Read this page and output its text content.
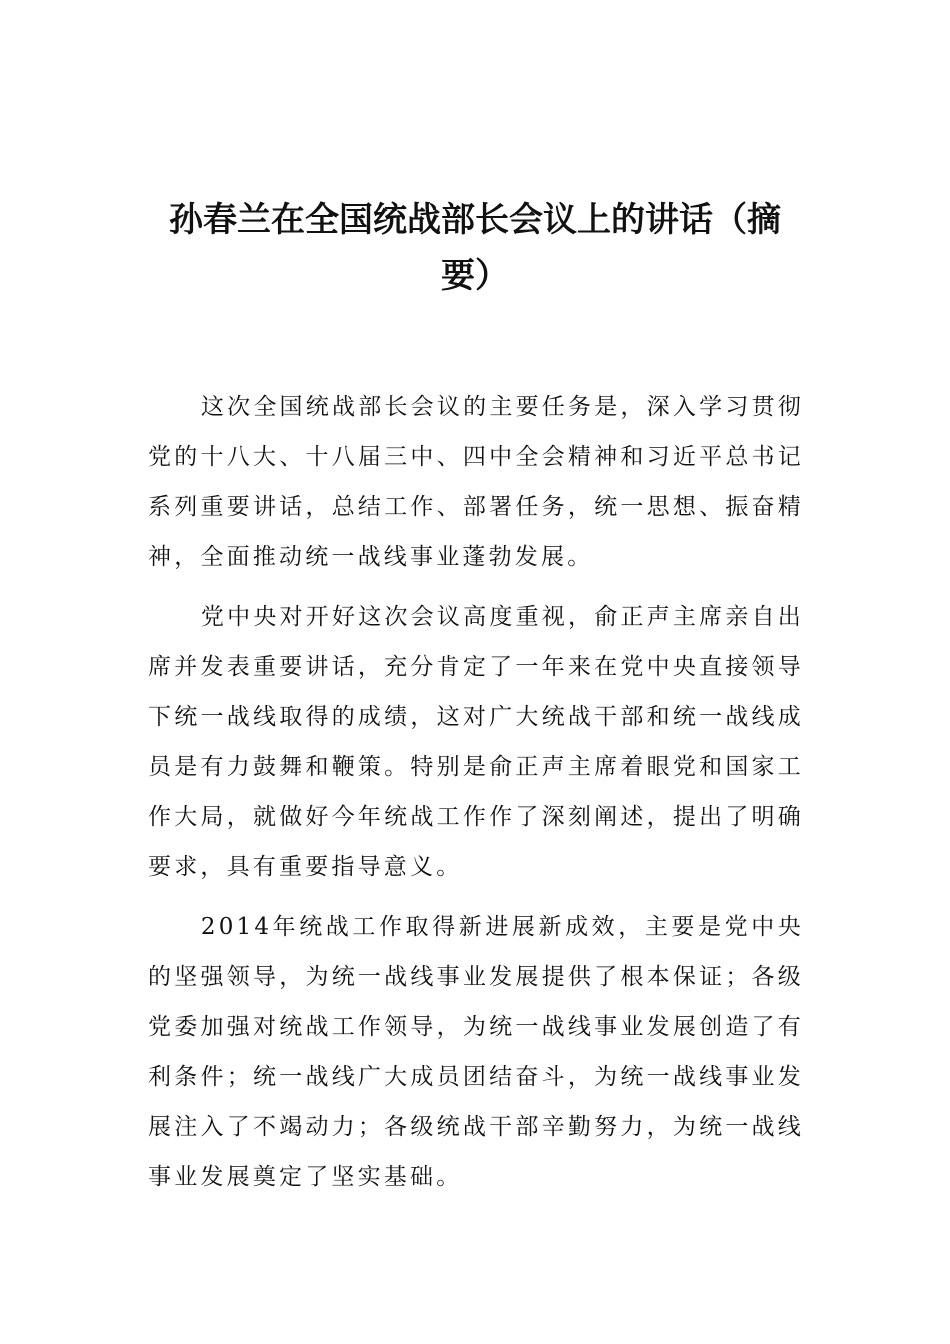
孙春兰在全国统战部长会议上的讲话（摘要）

这次全国统战部长会议的主要任务是，深入学习贯彻党的十八大、十八届三中、四中全会精神和习近平总书记系列重要讲话，总结工作、部署任务，统一思想、振奋精神，全面推动统一战线事业蓬勃发展。

党中央对开好这次会议高度重视，俞正声主席亲自出席并发表重要讲话，充分肯定了一年来在党中央直接领导下统一战线取得的成绩，这对广大统战干部和统一战线成员是有力鼓舞和鞭策。特别是俞正声主席着眼党和国家工作大局，就做好今年统战工作作了深刻阐述，提出了明确要求，具有重要指导意义。

2014年统战工作取得新进展新成效，主要是党中央的坚强领导，为统一战线事业发展提供了根本保证；各级党委加强对统战工作领导，为统一战线事业发展创造了有利条件；统一战线广大成员团结奋斗，为统一战线事业发展注入了不竭动力；各级统战干部辛勤努力，为统一战线事业发展奠定了坚实基础。
